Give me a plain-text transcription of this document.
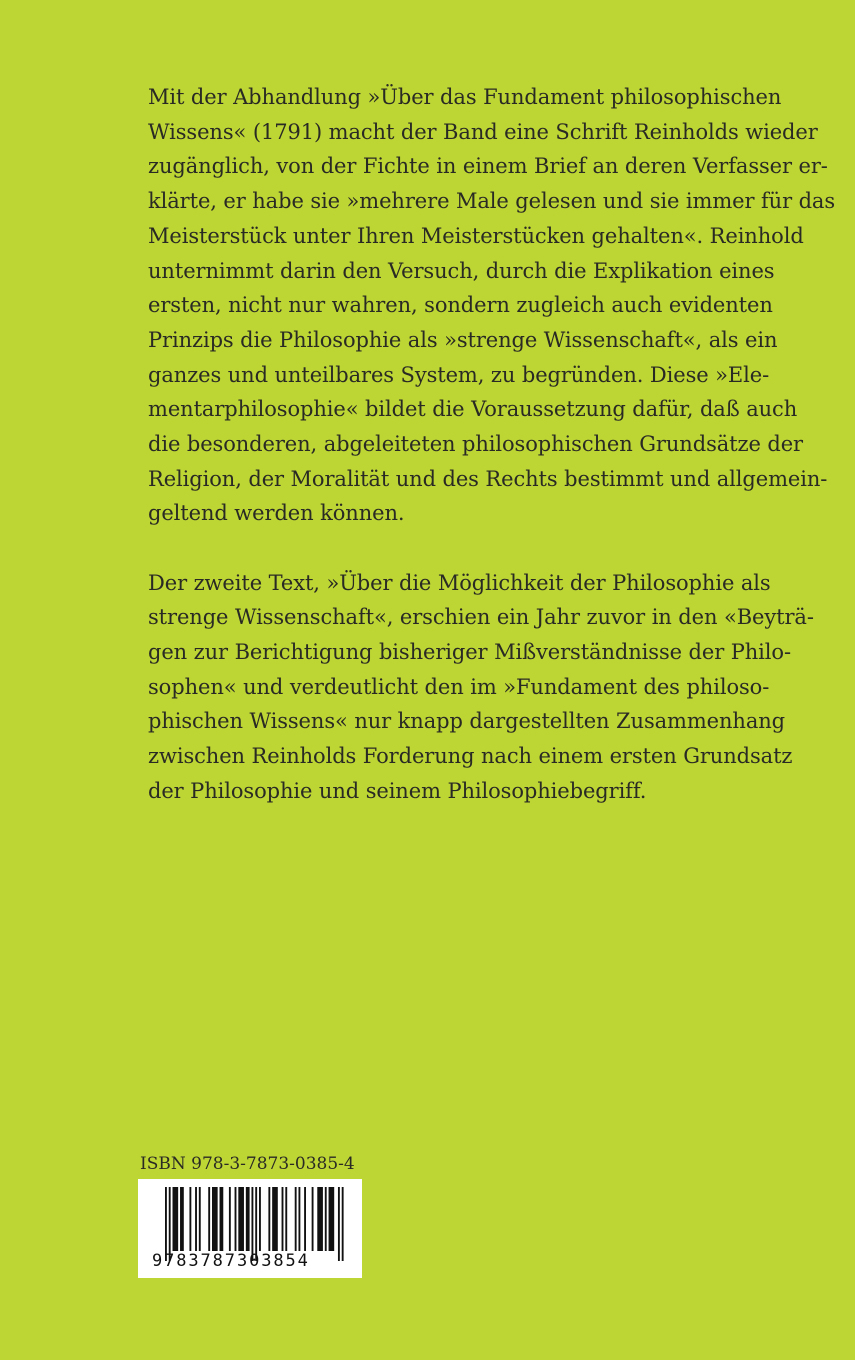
Mit der Abhandlung »Über das Fundament philosophischen
Wissens« (1791) macht der Band eine Schrift Reinholds wieder
zugänglich, von der Fichte in einem Brief an deren Verfasser er-
klärte, er habe sie »mehrere Male gelesen und sie immer für das
Meisterstück unter Ihren Meisterstücken gehalten«. Reinhold
unternimmt darin den Versuch, durch die Explikation eines
ersten, nicht nur wahren, sondern zugleich auch evidenten
Prinzips die Philosophie als »strenge Wissenschaft«, als ein
ganzes und unteilbares System, zu begründen. Diese »Ele-
mentarphilosophie« bildet die Voraussetzung dafür, daß auch
die besonderen, abgeleiteten philosophischen Grundsätze der
Religion, der Moralität und des Rechts bestimmt und allgemein-
geltend werden können.

Der zweite Text, »Über die Möglichkeit der Philosophie als
strenge Wissenschaft«, erschien ein Jahr zuvor in den «Beyträ-
gen zur Berichtigung bisheriger Mißverständnisse der Philo-
sophen« und verdeutlicht den im »Fundament des philoso-
phischen Wissens« nur knapp dargestellten Zusammenhang
zwischen Reinholds Forderung nach einem ersten Grundsatz
der Philosophie und seinem Philosophiebegriff.

ISBN 978-3-7873-0385-4
9783787303854
